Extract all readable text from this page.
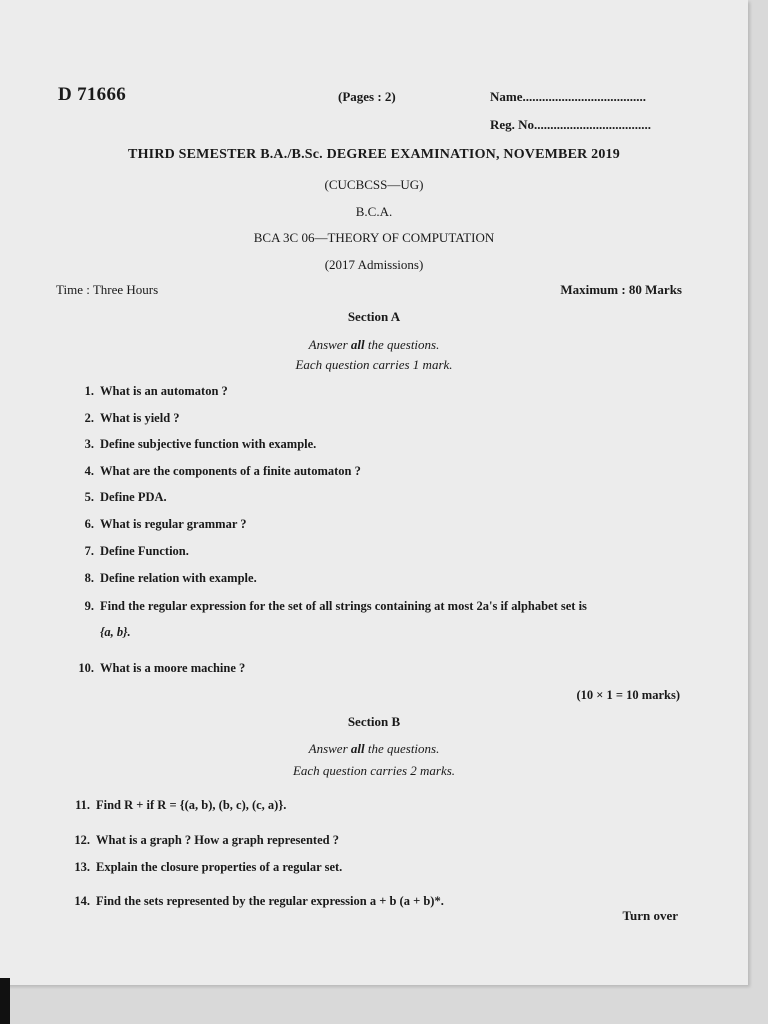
D 71666	(Pages : 2)	Name......................................
Reg. No....................................
THIRD SEMESTER B.A./B.Sc. DEGREE EXAMINATION, NOVEMBER 2019
(CUCBCSS—UG)
B.C.A.
BCA 3C 06—THEORY OF COMPUTATION
(2017 Admissions)
Time : Three Hours	Maximum : 80 Marks
Section A
Answer all the questions.
Each question carries 1 mark.
1. What is an automaton ?
2. What is yield ?
3. Define subjective function with example.
4. What are the components of a finite automaton ?
5. Define PDA.
6. What is regular grammar ?
7. Define Function.
8. Define relation with example.
9. Find the regular expression for the set of all strings containing at most 2a's if alphabet set is
{a, b}.
10. What is a moore machine ?
(10 × 1 = 10 marks)
Section B
Answer all the questions.
Each question carries 2 marks.
11. Find R + if R = {(a, b), (b, c), (c, a)}.
12. What is a graph ? How a graph represented ?
13. Explain the closure properties of a regular set.
14. Find the sets represented by the regular expression a + b (a + b)*.
Turn over
